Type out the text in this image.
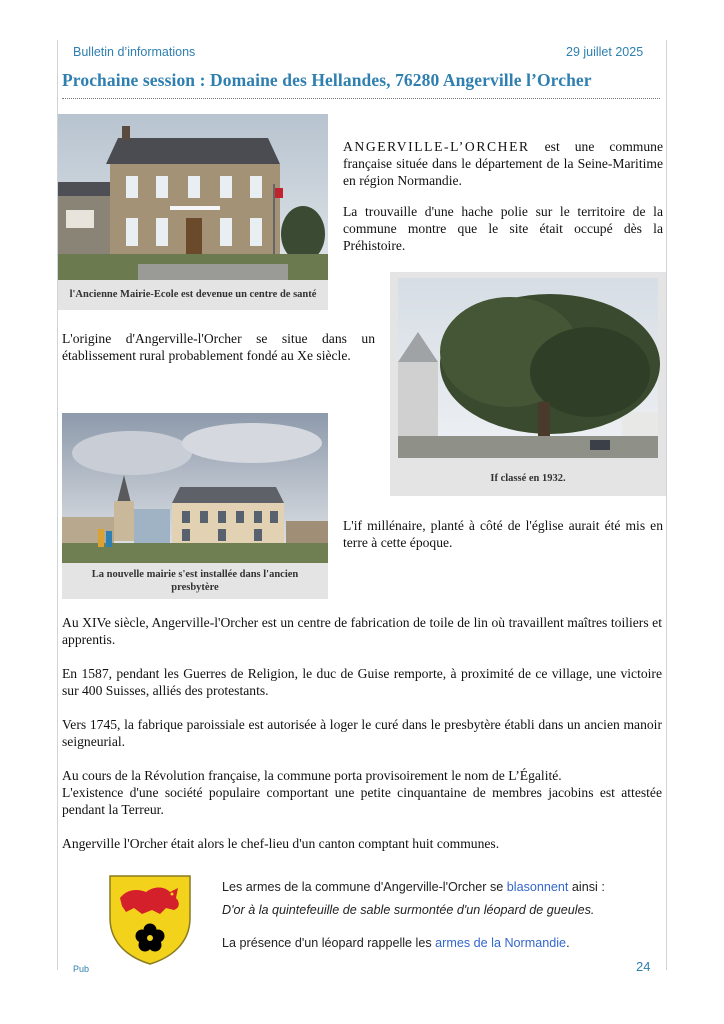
Bulletin d’informations	29 juillet 2025
Prochaine session : Domaine des Hellandes, 76280 Angerville l’Orcher
l'Ancienne Mairie-Ecole est devenue un centre de santé
ANGERVILLE-L’ORCHER est une commune française située dans le département de la Seine-Maritime en région Normandie.
La trouvaille d'une hache polie sur le territoire de la commune montre que le site était occupé dès la Préhistoire.
If classé en 1932.
L'origine d'Angerville-l'Orcher se situe dans un établissement rural probablement fondé au Xe siècle.
La nouvelle mairie s'est installée dans l'ancien presbytère
L'if millénaire, planté à côté de l'église aurait été mis en terre à cette époque.
Au XIVe siècle, Angerville-l'Orcher est un centre de fabrication de toile de lin où travaillent maîtres toiliers et apprentis.
En 1587, pendant les Guerres de Religion, le duc de Guise remporte, à proximité de ce village, une victoire sur 400 Suisses, alliés des protestants.
Vers 1745, la fabrique paroissiale est autorisée à loger le curé dans le presbytère établi dans un ancien manoir seigneurial.
Au cours de la Révolution française, la commune porta provisoirement le nom de L’Égalité.
L'existence d'une société populaire comportant une petite cinquantaine de membres jacobins est attestée pendant la Terreur.
Angerville l'Orcher était alors le chef-lieu d'un canton comptant huit communes.
Les armes de la commune d'Angerville-l'Orcher se blasonnent ainsi :
D'or à la quintefeuille de sable surmontée d'un léopard de gueules.
La présence d'un léopard rappelle les armes de la Normandie.
Pub	24
